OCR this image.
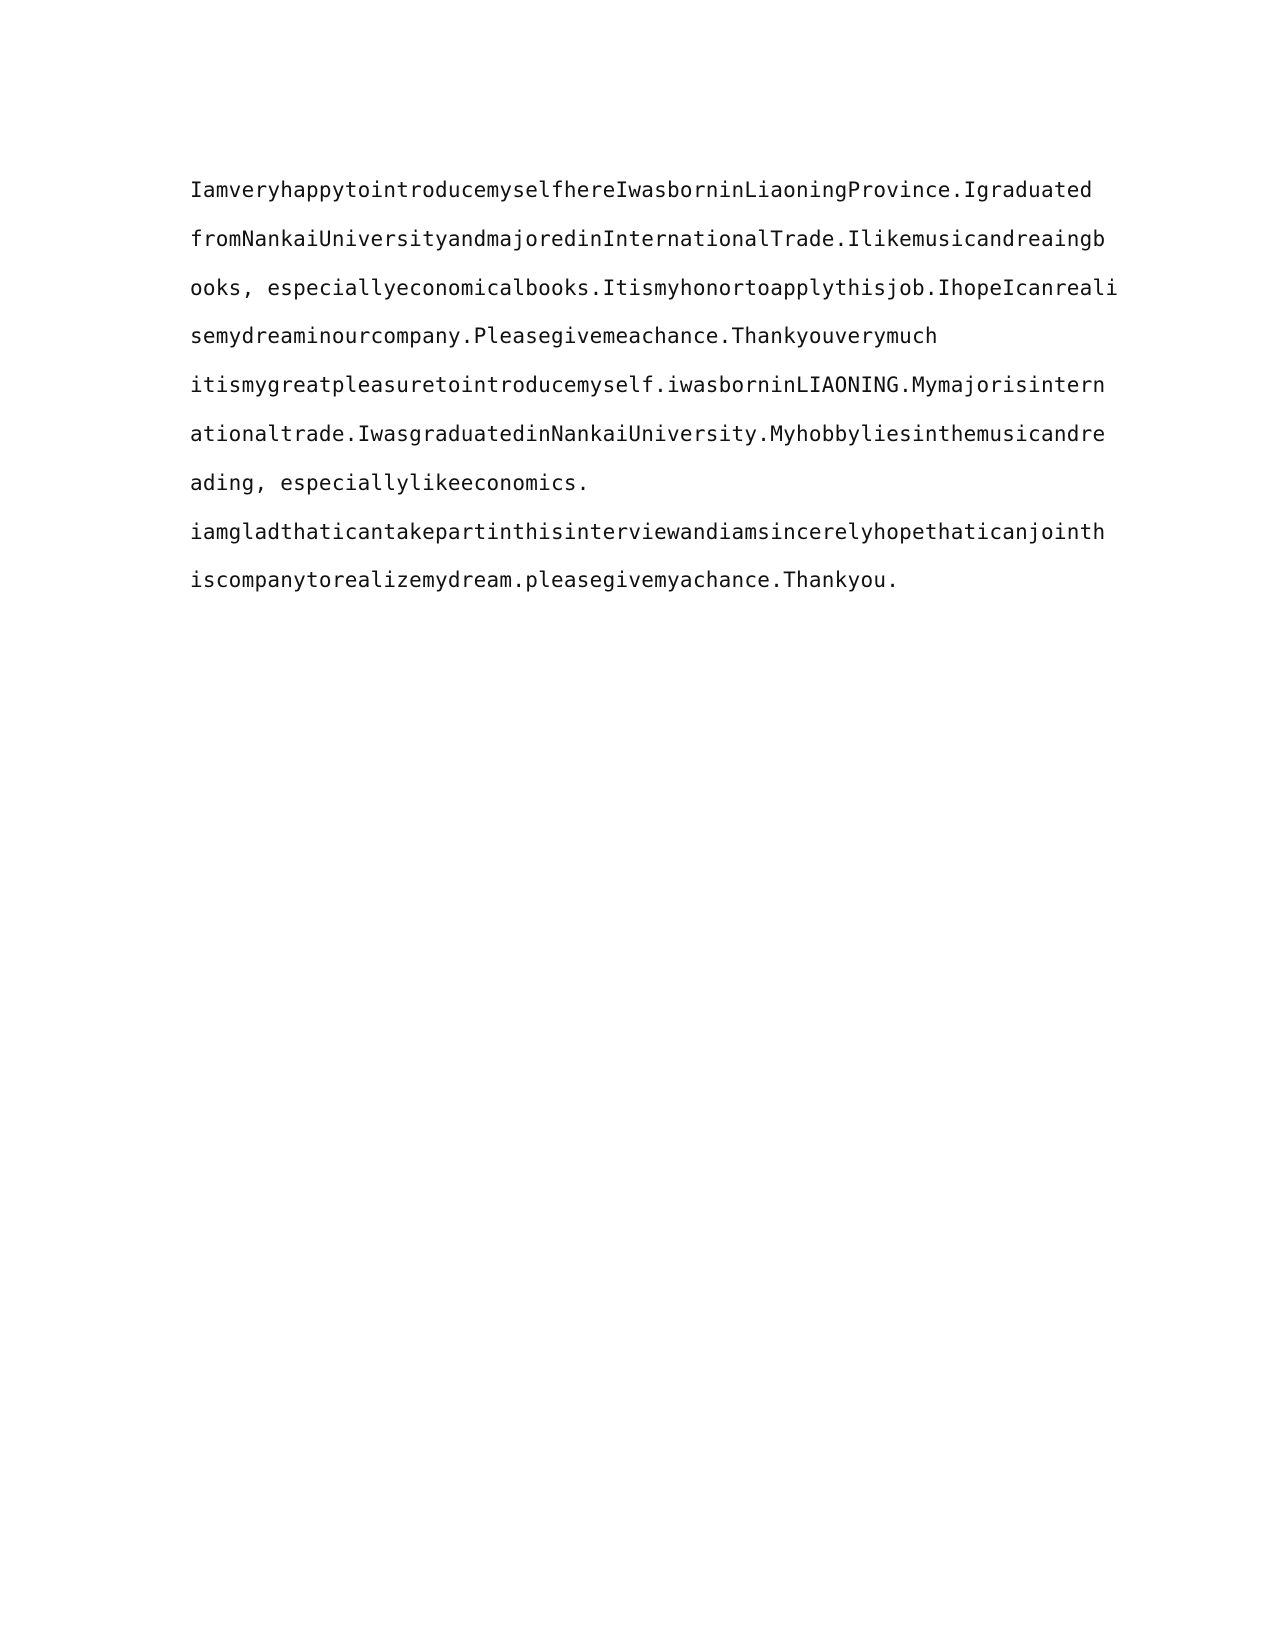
IamveryhappytointroducemyselfhereIwasborninLiaoningProvince.Igraduated
fromNankaiUniversityandmajoredinInternationalTrade.Ilikemusicandreaingb
ooks, especiallyeconomicalbooks.Itismyhonortoapplythisjob.IhopeIcanreali
semydreaminourcompany.Pleasegivemeachance.Thankyouverymuch
itismygreatpleasuretointroducemyself.iwasborninLIAONING.Mymajorisintern
ationaltrade.IwasgraduatedinNankaiUniversity.Myhobbyliesinthemusicandre
ading, especiallylikeeconomics.
iamgladthaticantakepartinthisinterviewandiamsincerelyhopethaticanjointh
iscompanytorealizemydream.pleasegivemyachance.Thankyou.
